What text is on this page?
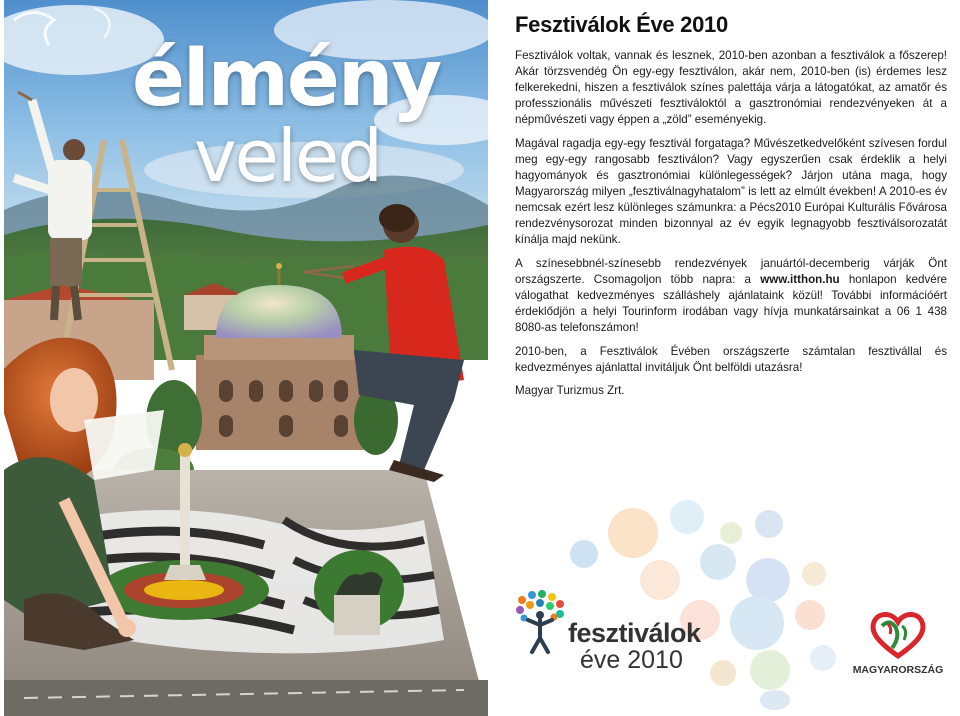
élmény
veled
Fesztiválok Éve 2010

Fesztiválok voltak, vannak és lesznek, 2010-ben azonban a fesztiválok a főszerep! Akár törzsvendég Ön egy-egy fesztiválon, akár nem, 2010-ben (is) érdemes lesz felkerekedni, hiszen a fesztiválok színes palettája várja a látogatókat, az amatőr és professzionális művészeti fesztiváloktól a gasztronómiai rendezvényeken át a népművészeti vagy éppen a „zöld” eseményekig.

Magával ragadja egy-egy fesztivál forgataga? Művészetkedvelőként szívesen fordul meg egy-egy rangosabb fesztiválon? Vagy egyszerűen csak érdeklik a helyi hagyományok és gasztronómiai különlegességek? Járjon utána maga, hogy Magyarország milyen „fesztiválnagyhatalom” is lett az elmúlt években! A 2010-es év nemcsak ezért lesz különleges számunkra: a Pécs2010 Európai Kulturális Fővárosa rendezvénysorozat minden bizonnyal az év egyik legnagyobb fesztiválsorozatát kínálja majd nekünk.

A színesebbnél-színesebb rendezvények januártól-decemberig várják Önt országszerte. Csomagoljon több napra: a www.itthon.hu honlapon kedvére válogathat kedvezményes szálláshely ajánlataink közül! További információért érdeklődjön a helyi Tourinform irodában vagy hívja munkatársainkat a 06 1 438 8080-as telefonszámon!

2010-ben, a Fesztiválok Évében országszerte számtalan fesztivállal és kedvezményes ajánlattal invitáljuk Önt belföldi utazásra!

Magyar Turizmus Zrt.
fesztiválok
éve 2010	MAGYARORSZÁG
